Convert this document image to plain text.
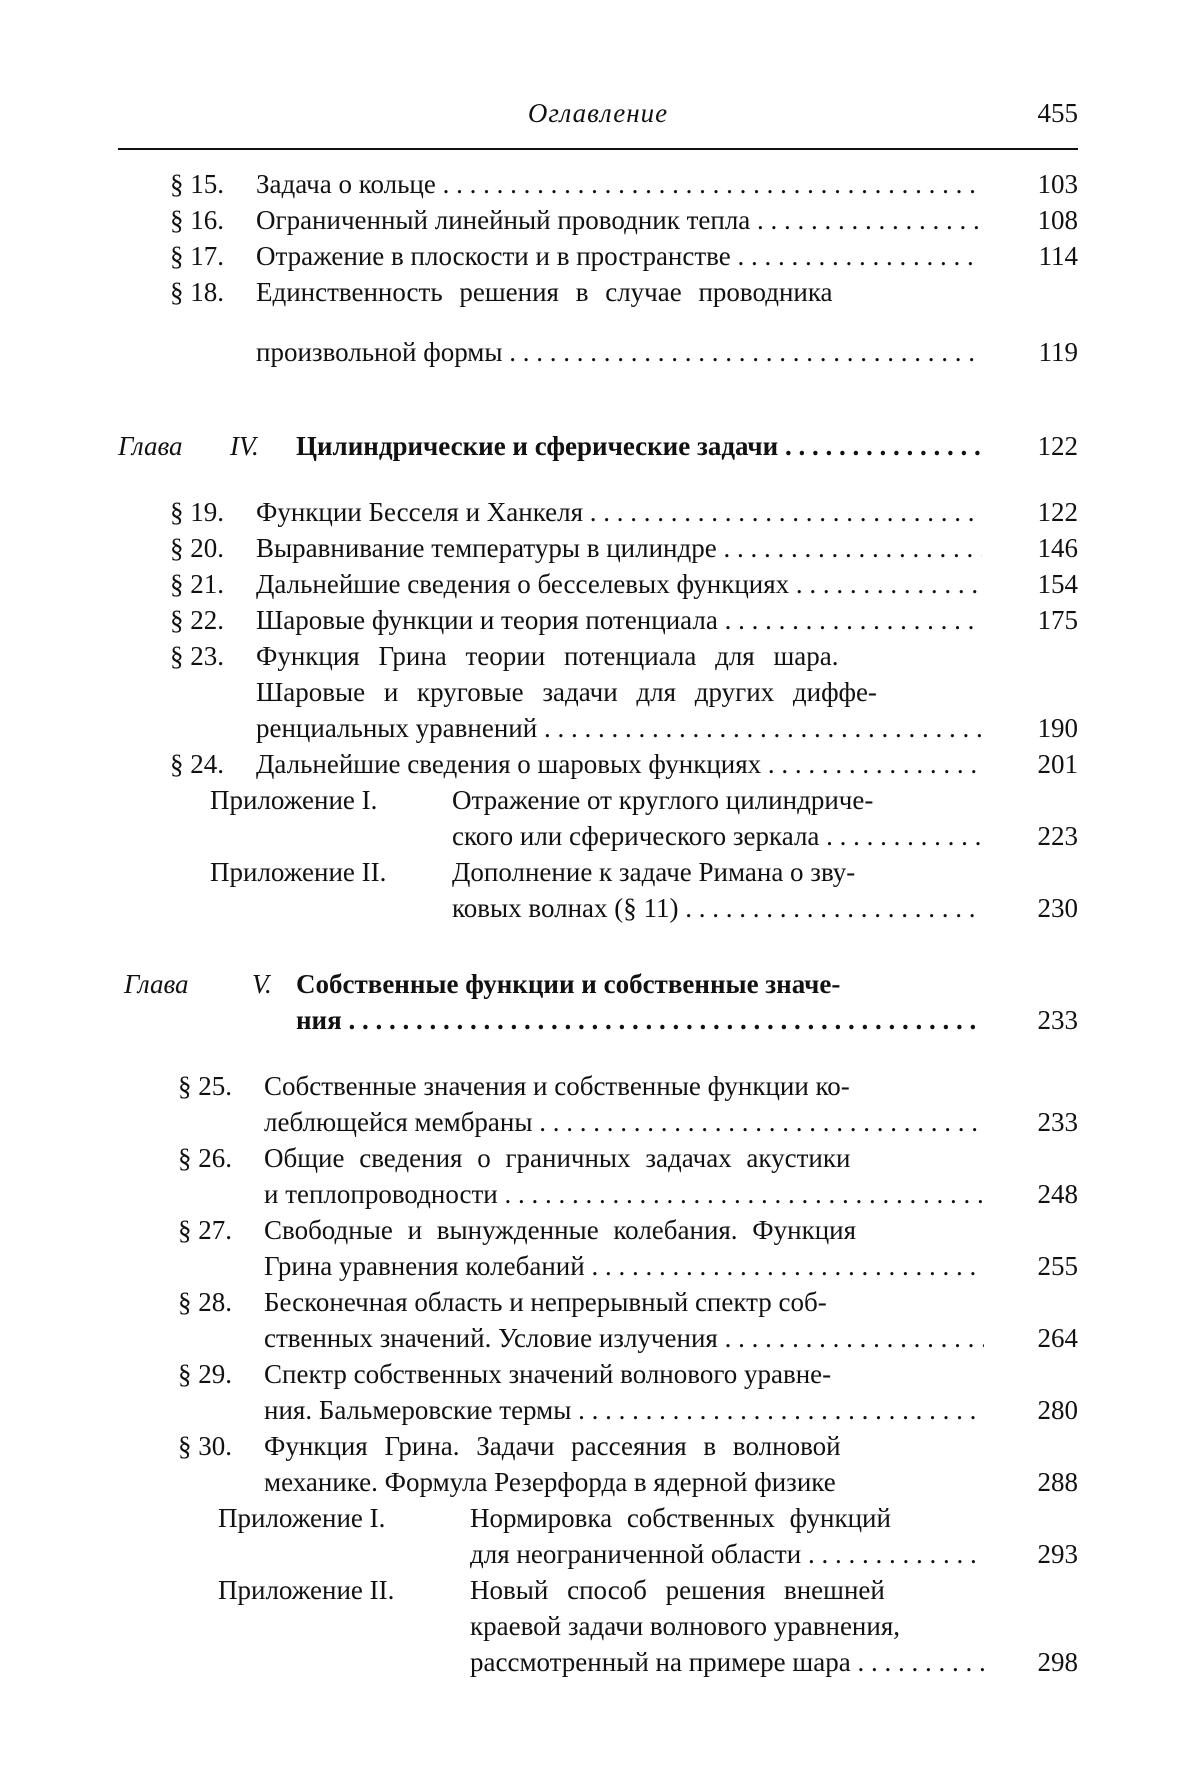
Оглавление	455
§ 15. Задача о кольце . . .	103
§ 16. Ограниченный линейный проводник тепла . . .	108
§ 17. Отражение в плоскости и в пространстве . . .	114
§ 18. Единственность решения в случае проводника
произвольной формы . . .	119
Глава IV. Цилиндрические и сферические задачи . . .	122
§ 19. Функции Бесселя и Ханкеля . . .	122
§ 20. Выравнивание температуры в цилиндре . . .	146
§ 21. Дальнейшие сведения о бесселевых функциях . . .	154
§ 22. Шаровые функции и теория потенциала . . .	175
§ 23. Функция Грина теории потенциала для шара.
Шаровые и круговые задачи для других диффе-
ренциальных уравнений . . .	190
§ 24. Дальнейшие сведения о шаровых функциях . . .	201
Приложение I.	Отражение от круглого цилиндриче-
ского или сферического зеркала . . .	223
Приложение II. Дополнение к задаче Римана о зву-
ковых волнах (§ 11) . . .	230
Глава V. Собственные функции и собственные значе-
ния . . .	233
§ 25. Собственные значения и собственные функции ко-
леблющейся мембраны . . .	233
§ 26. Общие сведения о граничных задачах акустики
и теплопроводности . . .	248
§ 27. Свободные и вынужденные колебания. Функция
Грина уравнения колебаний . . .	255
§ 28. Бесконечная область и непрерывный спектр соб-
ственных значений. Условие излучения . . .	264
§ 29. Спектр собственных значений волнового уравне-
ния. Бальмеровские термы . . .	280
§ 30. Функция Грина. Задачи рассеяния в волновой
механике. Формула Резерфорда в ядерной физике	288
Приложение I.	Нормировка собственных функций
для неограниченной области . . .	293
Приложение II.	Новый способ решения внешней
краевой задачи волнового уравнения,
рассмотренный на примере шара . . .	298
